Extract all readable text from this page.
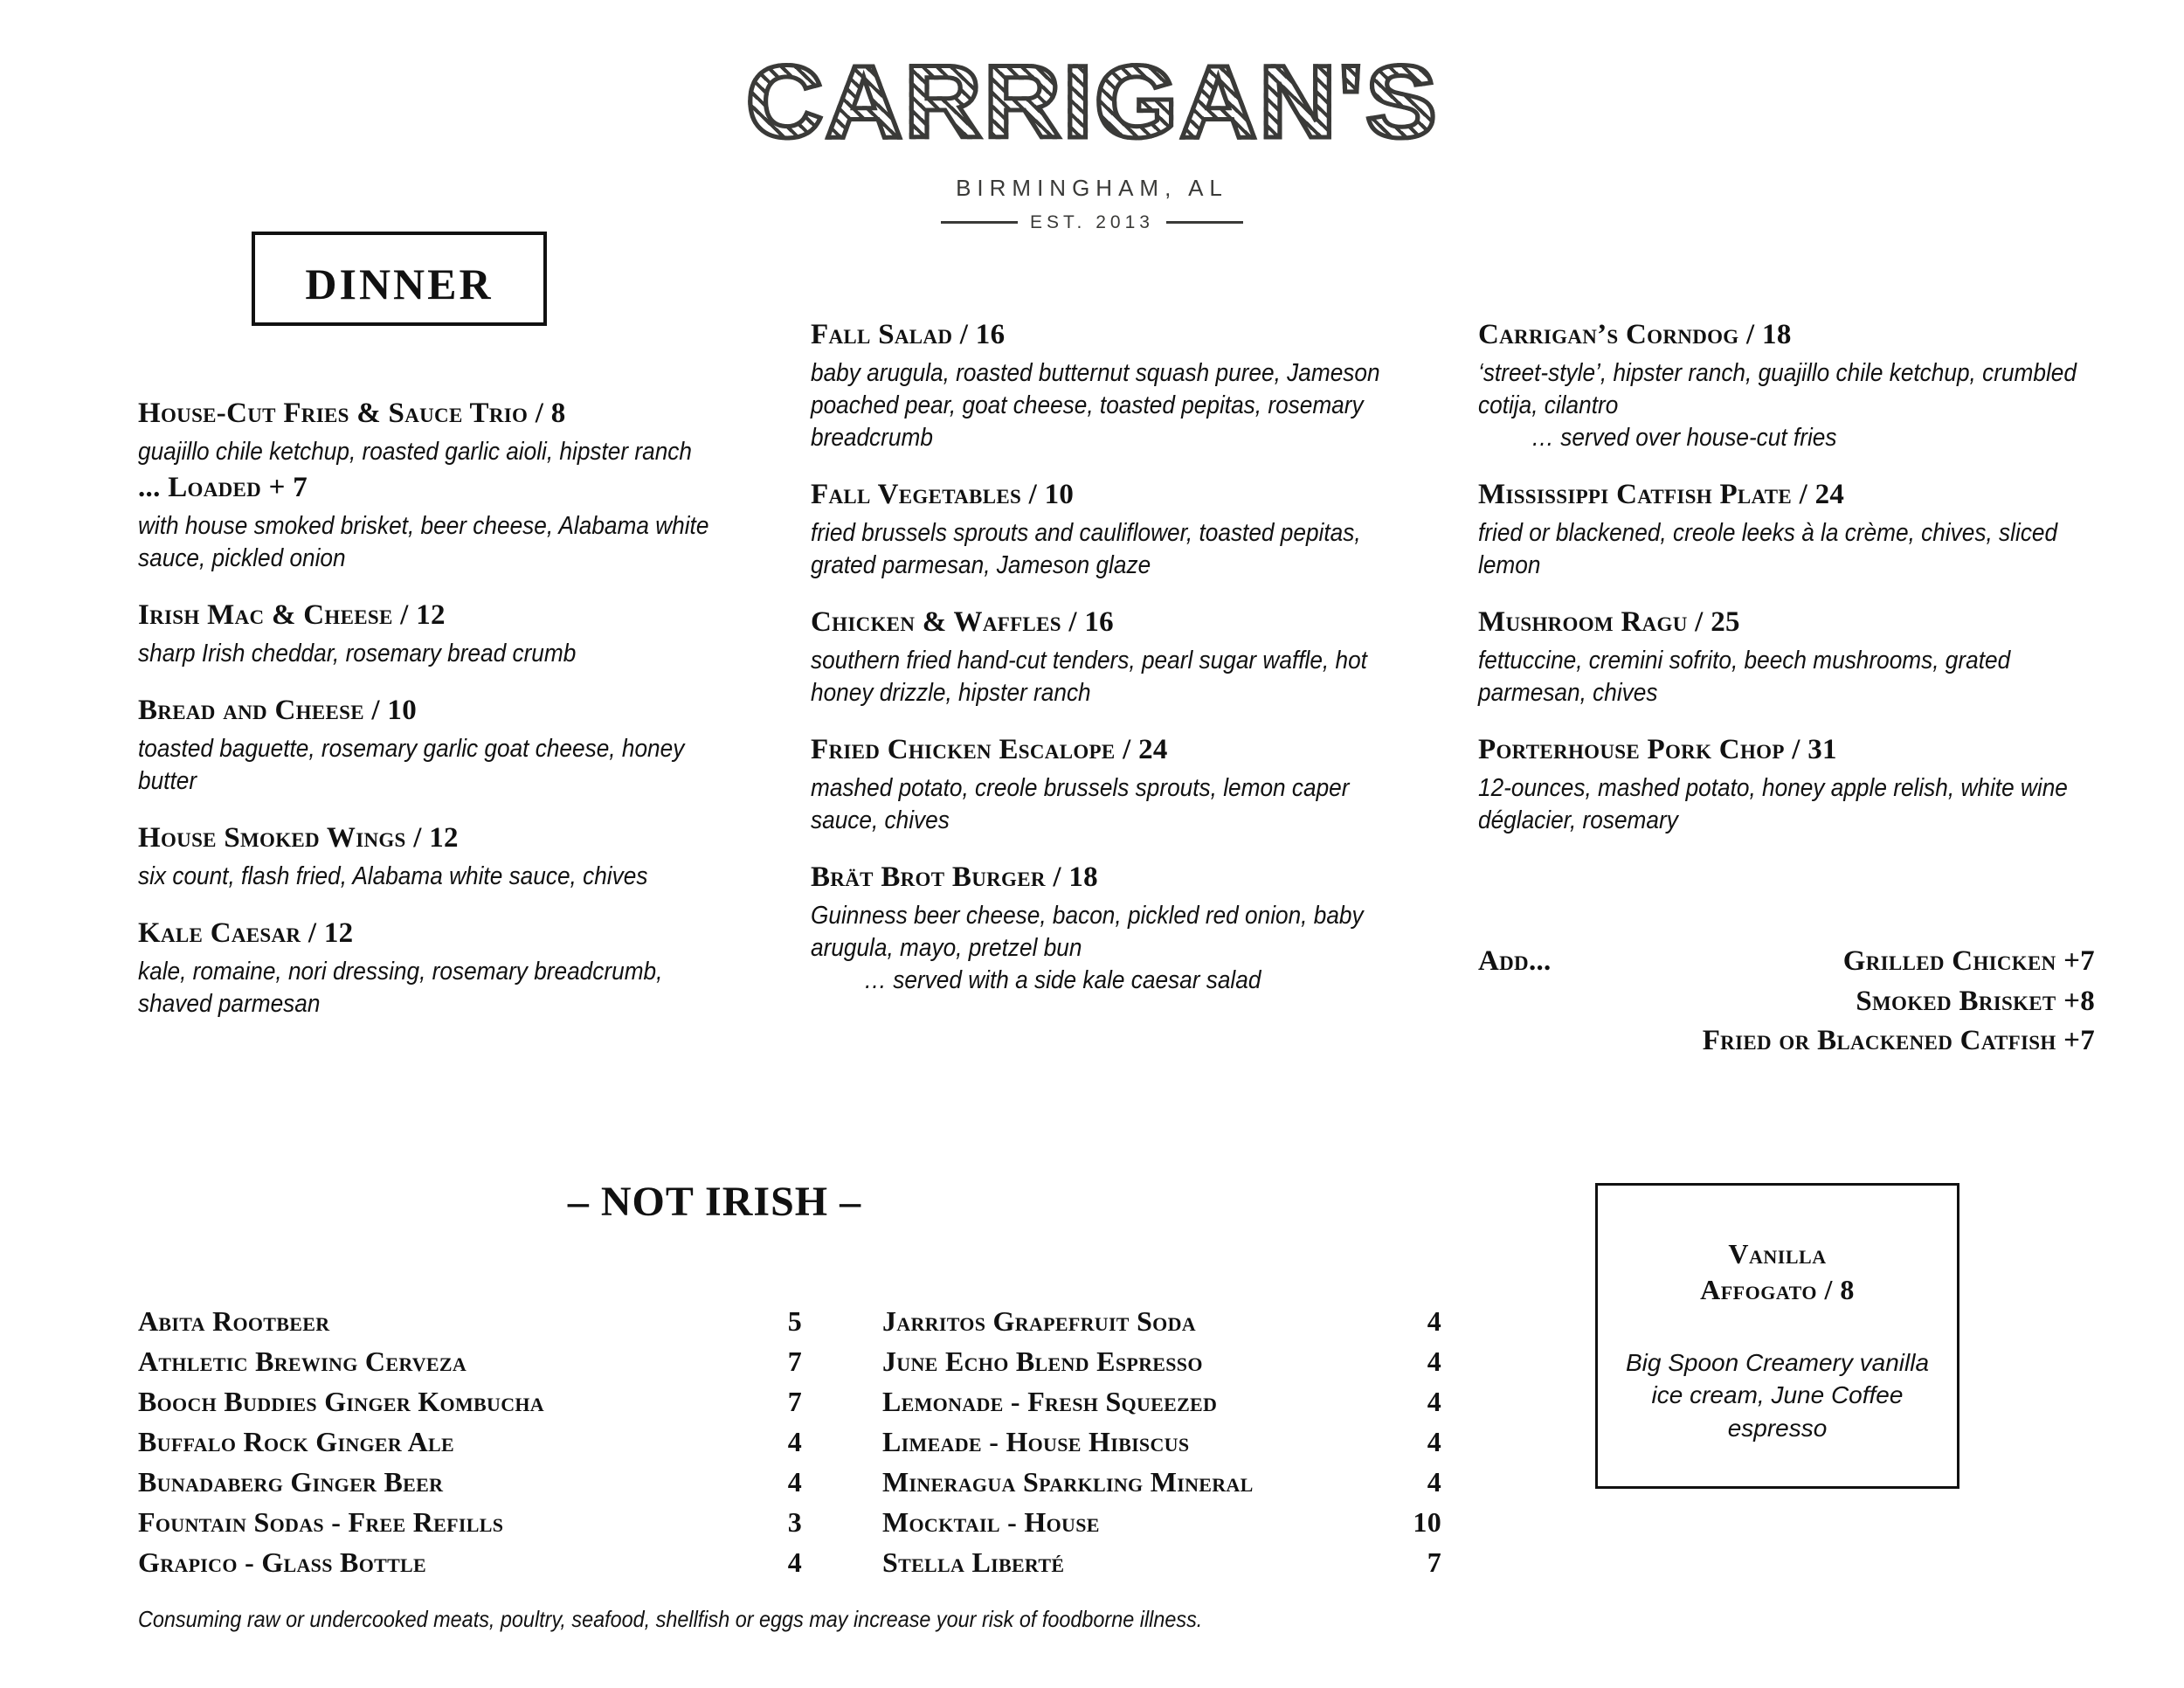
CARRIGAN'S
BIRMINGHAM, AL
EST. 2013
DINNER
House-Cut Fries & Sauce Trio / 8
guajillo chile ketchup, roasted garlic aioli, hipster ranch
... Loaded + 7
with house smoked brisket, beer cheese, Alabama white sauce, pickled onion
Irish Mac & Cheese / 12
sharp Irish cheddar, rosemary bread crumb
Bread and Cheese / 10
toasted baguette, rosemary garlic goat cheese, honey butter
House Smoked Wings / 12
six count, flash fried, Alabama white sauce, chives
Kale Caesar / 12
kale, romaine, nori dressing, rosemary breadcrumb, shaved parmesan
Fall Salad / 16
baby arugula, roasted butternut squash puree, Jameson poached pear, goat cheese, toasted pepitas, rosemary breadcrumb
Fall Vegetables / 10
fried brussels sprouts and cauliflower, toasted pepitas, grated parmesan, Jameson glaze
Chicken & Waffles / 16
southern fried hand-cut tenders, pearl sugar waffle, hot honey drizzle, hipster ranch
Fried Chicken Escalope / 24
mashed potato, creole brussels sprouts, lemon caper sauce, chives
Brät Brot Burger / 18
Guinness beer cheese, bacon, pickled red onion, baby arugula, mayo, pretzel bun
… served with a side kale caesar salad
Carrigan’s Corndog / 18
‘street-style’, hipster ranch, guajillo chile ketchup, crumbled cotija, cilantro
… served over house-cut fries
Mississippi Catfish Plate / 24
fried or blackened, creole leeks à la crème, chives, sliced lemon
Mushroom Ragu / 25
fettuccine, cremini sofrito, beech mushrooms, grated parmesan, chives
Porterhouse Pork Chop / 31
12-ounces, mashed potato, honey apple relish, white wine déglacier, rosemary
Add...	Grilled Chicken +7
Smoked Brisket +8
Fried or Blackened Catfish +7
– NOT IRISH –
Abita Rootbeer	5
Athletic Brewing Cerveza	7
Booch Buddies Ginger Kombucha	7
Buffalo Rock Ginger Ale	4
Bunadaberg Ginger Beer	4
Fountain Sodas - Free Refills	3
Grapico - Glass Bottle	4
Jarritos Grapefruit Soda	4
June Echo Blend Espresso	4
Lemonade - Fresh Squeezed	4
Limeade - House Hibiscus	4
Mineragua Sparkling Mineral	4
Mocktail - House	10
Stella Liberté	7
Vanilla
Affogato / 8
Big Spoon Creamery vanilla ice cream, June Coffee espresso
Consuming raw or undercooked meats, poultry, seafood, shellfish or eggs may increase your risk of foodborne illness.
